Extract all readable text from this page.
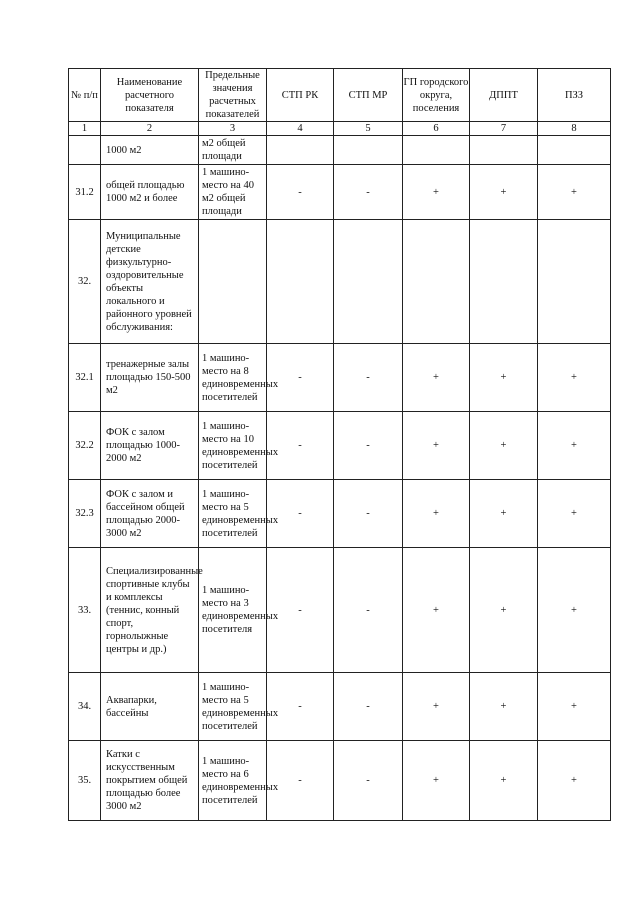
№ п/п	Наименование расчетного показателя	Предельные значения расчетных показателей	СТП РК	СТП МР	ГП городского округа, поселения	ДППТ	ПЗЗ
1	2	3	4	5	6	7	8
	1000 м2	м2 общей площади					
31.2	общей площадью 1000 м2 и более	1 машино-место на 40 м2 общей площади	-	-	+	+	+
32.	Муниципальные детские физкультурно-оздоровительные объекты локального и районного уровней обслуживания:						
32.1	тренажерные залы площадью 150-500 м2	1 машино-место на 8 единовременных посетителей	-	-	+	+	+
32.2	ФОК с залом площадью 1000-2000 м2	1 машино-место на 10 единовременных посетителей	-	-	+	+	+
32.3	ФОК с залом и бассейном общей площадью 2000-3000 м2	1 машино-место на 5 единовременных посетителей	-	-	+	+	+
33.	Специализированные спортивные клубы и комплексы (теннис, конный спорт, горнолыжные центры и др.)	1 машино-место на 3 единовременных посетителя	-	-	+	+	+
34.	Аквапарки, бассейны	1 машино-место на 5 единовременных посетителей	-	-	+	+	+
35.	Катки с искусственным покрытием общей площадью более 3000 м2	1 машино-место на 6 единовременных посетителей	-	-	+	+	+
